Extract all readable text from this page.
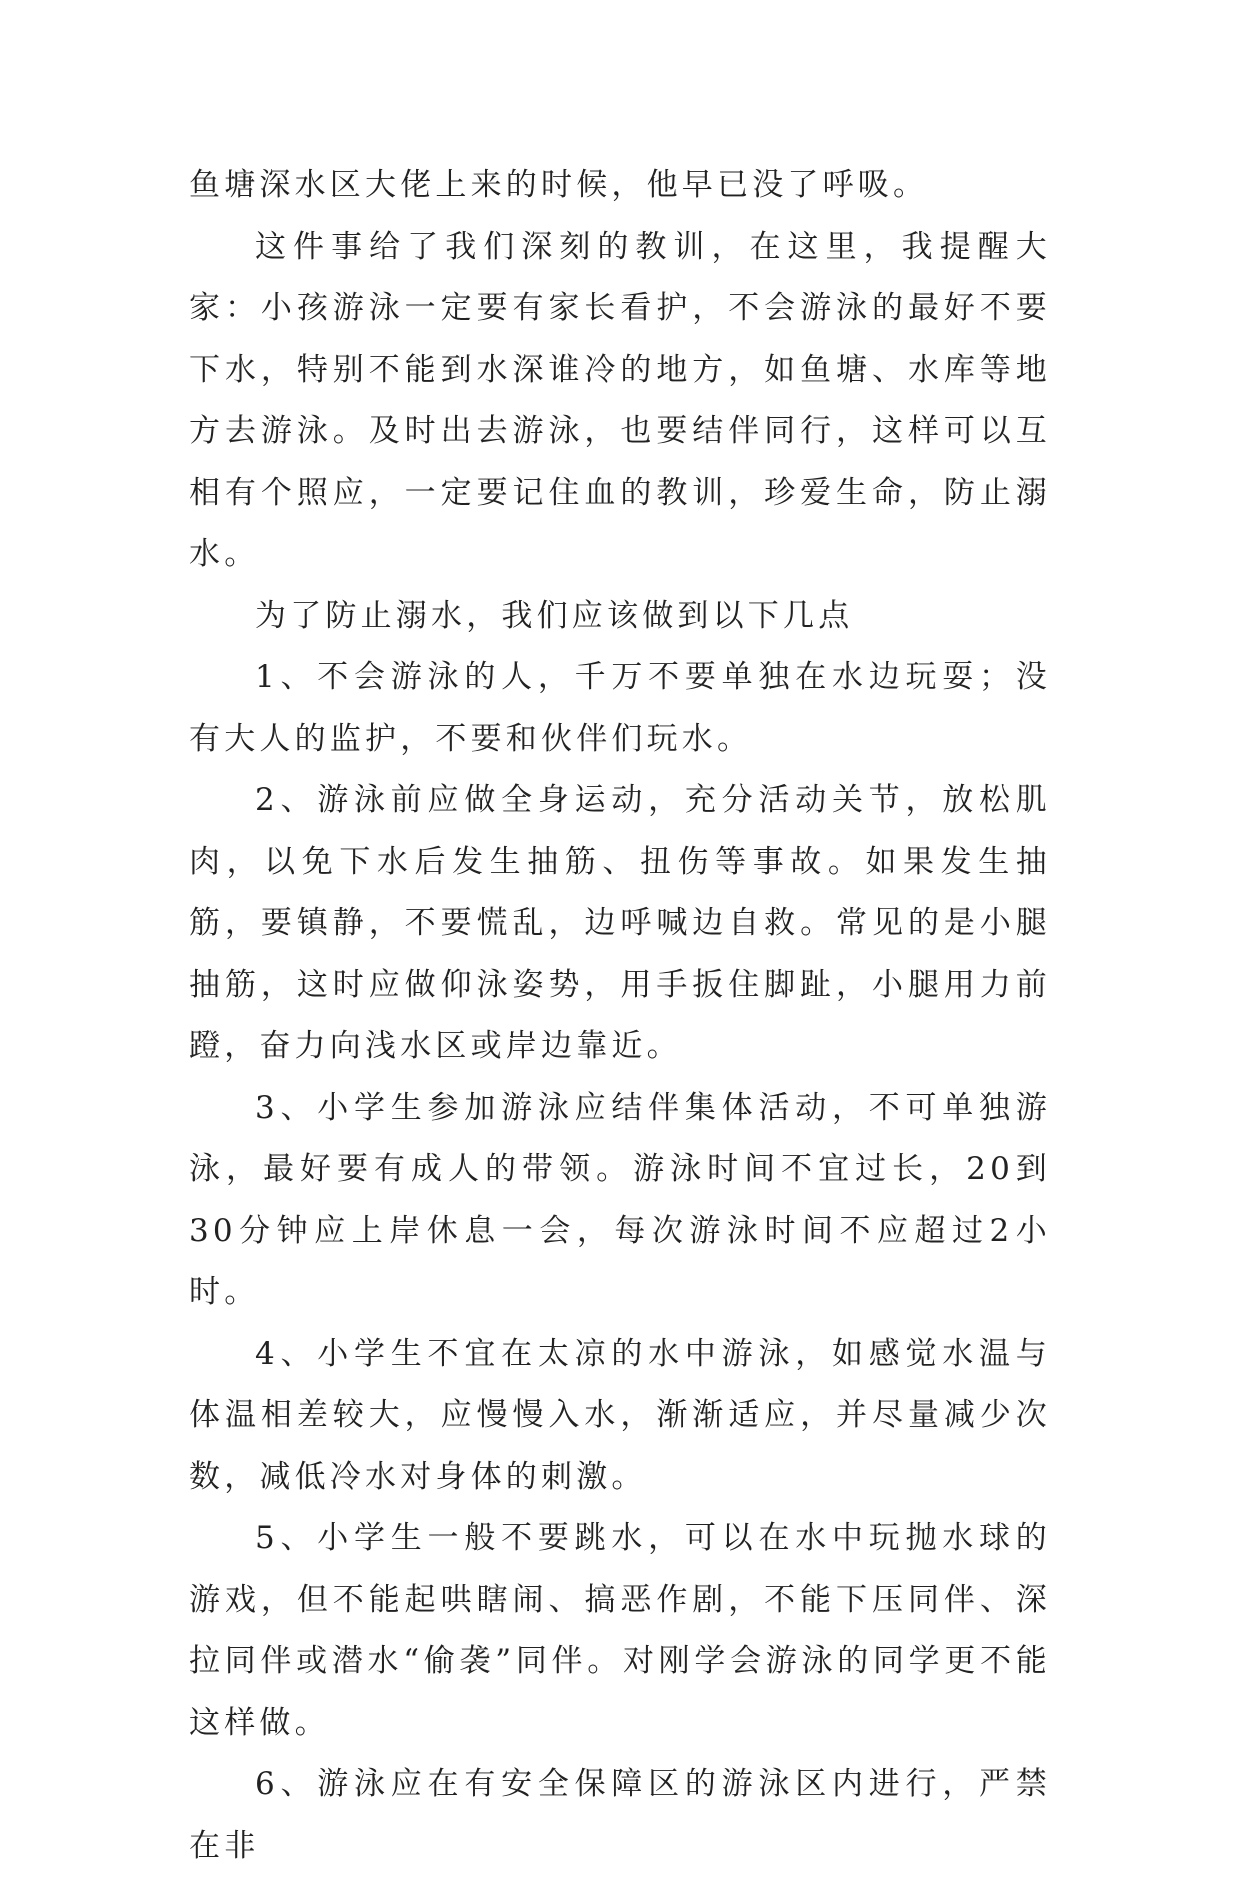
鱼塘深水区大佬上来的时候，他早已没了呼吸。

这件事给了我们深刻的教训，在这里，我提醒大家：小孩游泳一定要有家长看护，不会游泳的最好不要下水，特别不能到水深谁冷的地方，如鱼塘、水库等地方去游泳。及时出去游泳，也要结伴同行，这样可以互相有个照应，一定要记住血的教训，珍爱生命，防止溺水。

为了防止溺水，我们应该做到以下几点

1、不会游泳的人，千万不要单独在水边玩耍；没有大人的监护，不要和伙伴们玩水。

2、游泳前应做全身运动，充分活动关节，放松肌肉，以免下水后发生抽筋、扭伤等事故。如果发生抽筋，要镇静，不要慌乱，边呼喊边自救。常见的是小腿抽筋，这时应做仰泳姿势，用手扳住脚趾，小腿用力前蹬，奋力向浅水区或岸边靠近。

3、小学生参加游泳应结伴集体活动，不可单独游泳，最好要有成人的带领。游泳时间不宜过长，20到30分钟应上岸休息一会，每次游泳时间不应超过2小时。

4、小学生不宜在太凉的水中游泳，如感觉水温与体温相差较大，应慢慢入水，渐渐适应，并尽量减少次数，减低冷水对身体的刺激。

5、小学生一般不要跳水，可以在水中玩抛水球的游戏，但不能起哄瞎闹、搞恶作剧，不能下压同伴、深拉同伴或潜水“偷袭”同伴。对刚学会游泳的同学更不能这样做。

6、游泳应在有安全保障区的游泳区内进行，严禁在非
